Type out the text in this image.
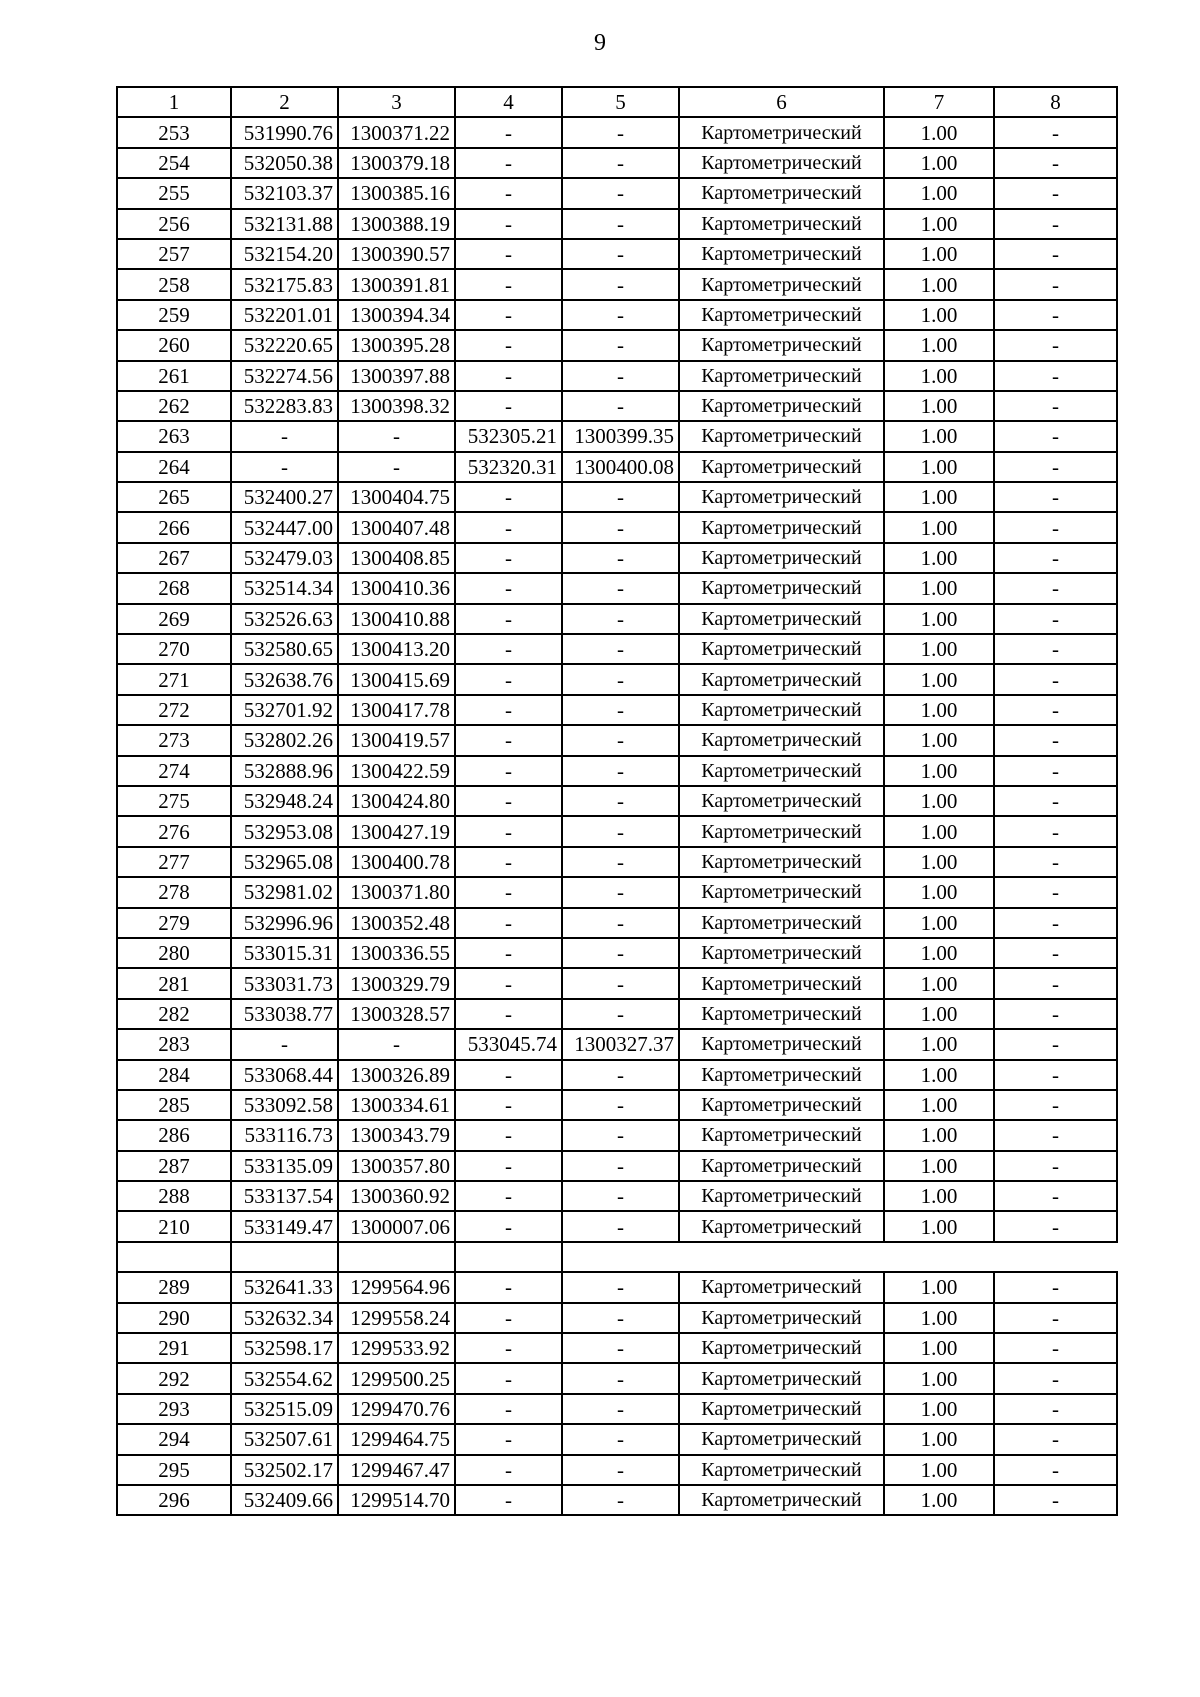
9
1	2	3	4	5	6	7	8
253	531990.76	1300371.22	-	-	Картометрический	1.00	-
254	532050.38	1300379.18	-	-	Картометрический	1.00	-
255	532103.37	1300385.16	-	-	Картометрический	1.00	-
256	532131.88	1300388.19	-	-	Картометрический	1.00	-
257	532154.20	1300390.57	-	-	Картометрический	1.00	-
258	532175.83	1300391.81	-	-	Картометрический	1.00	-
259	532201.01	1300394.34	-	-	Картометрический	1.00	-
260	532220.65	1300395.28	-	-	Картометрический	1.00	-
261	532274.56	1300397.88	-	-	Картометрический	1.00	-
262	532283.83	1300398.32	-	-	Картометрический	1.00	-
263	-	-	532305.21	1300399.35	Картометрический	1.00	-
264	-	-	532320.31	1300400.08	Картометрический	1.00	-
265	532400.27	1300404.75	-	-	Картометрический	1.00	-
266	532447.00	1300407.48	-	-	Картометрический	1.00	-
267	532479.03	1300408.85	-	-	Картометрический	1.00	-
268	532514.34	1300410.36	-	-	Картометрический	1.00	-
269	532526.63	1300410.88	-	-	Картометрический	1.00	-
270	532580.65	1300413.20	-	-	Картометрический	1.00	-
271	532638.76	1300415.69	-	-	Картометрический	1.00	-
272	532701.92	1300417.78	-	-	Картометрический	1.00	-
273	532802.26	1300419.57	-	-	Картометрический	1.00	-
274	532888.96	1300422.59	-	-	Картометрический	1.00	-
275	532948.24	1300424.80	-	-	Картометрический	1.00	-
276	532953.08	1300427.19	-	-	Картометрический	1.00	-
277	532965.08	1300400.78	-	-	Картометрический	1.00	-
278	532981.02	1300371.80	-	-	Картометрический	1.00	-
279	532996.96	1300352.48	-	-	Картометрический	1.00	-
280	533015.31	1300336.55	-	-	Картометрический	1.00	-
281	533031.73	1300329.79	-	-	Картометрический	1.00	-
282	533038.77	1300328.57	-	-	Картометрический	1.00	-
283	-	-	533045.74	1300327.37	Картометрический	1.00	-
284	533068.44	1300326.89	-	-	Картометрический	1.00	-
285	533092.58	1300334.61	-	-	Картометрический	1.00	-
286	533116.73	1300343.79	-	-	Картометрический	1.00	-
287	533135.09	1300357.80	-	-	Картометрический	1.00	-
288	533137.54	1300360.92	-	-	Картометрический	1.00	-
210	533149.47	1300007.06	-	-	Картометрический	1.00	-

289	532641.33	1299564.96	-	-	Картометрический	1.00	-
290	532632.34	1299558.24	-	-	Картометрический	1.00	-
291	532598.17	1299533.92	-	-	Картометрический	1.00	-
292	532554.62	1299500.25	-	-	Картометрический	1.00	-
293	532515.09	1299470.76	-	-	Картометрический	1.00	-
294	532507.61	1299464.75	-	-	Картометрический	1.00	-
295	532502.17	1299467.47	-	-	Картометрический	1.00	-
296	532409.66	1299514.70	-	-	Картометрический	1.00	-
